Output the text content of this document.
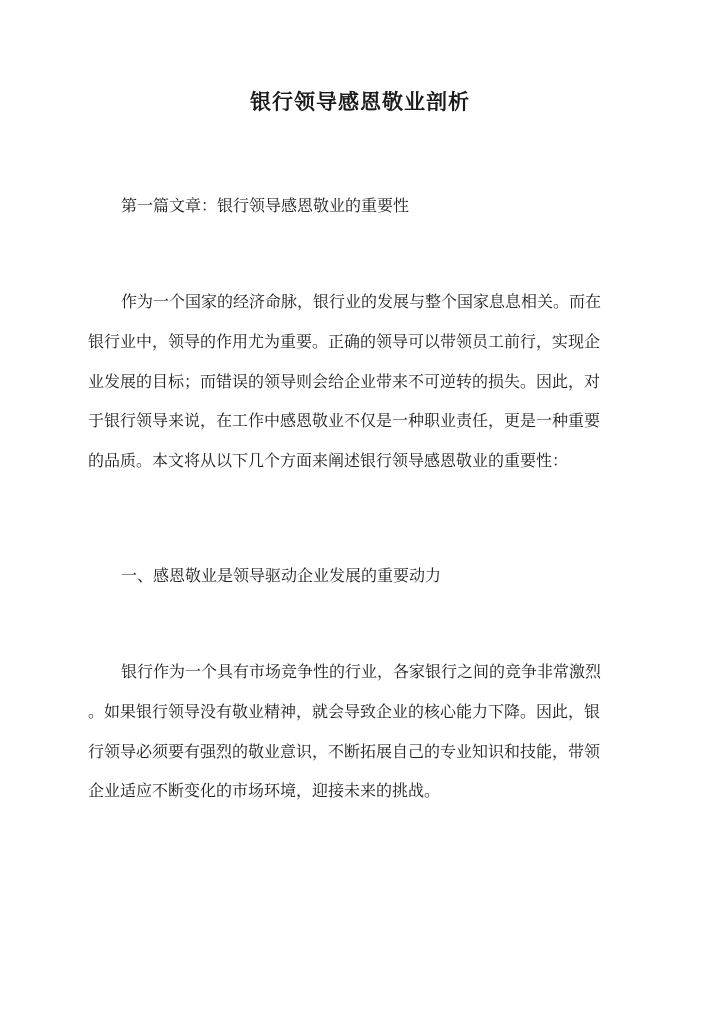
银行领导感恩敬业剖析

第一篇文章：银行领导感恩敬业的重要性

作为一个国家的经济命脉，银行业的发展与整个国家息息相关。而在
银行业中，领导的作用尤为重要。正确的领导可以带领员工前行，实现企
业发展的目标；而错误的领导则会给企业带来不可逆转的损失。因此，对
于银行领导来说，在工作中感恩敬业不仅是一种职业责任，更是一种重要
的品质。本文将从以下几个方面来阐述银行领导感恩敬业的重要性：

一、感恩敬业是领导驱动企业发展的重要动力

银行作为一个具有市场竞争性的行业，各家银行之间的竞争非常激烈
。如果银行领导没有敬业精神，就会导致企业的核心能力下降。因此，银
行领导必须要有强烈的敬业意识，不断拓展自己的专业知识和技能，带领
企业适应不断变化的市场环境，迎接未来的挑战。
